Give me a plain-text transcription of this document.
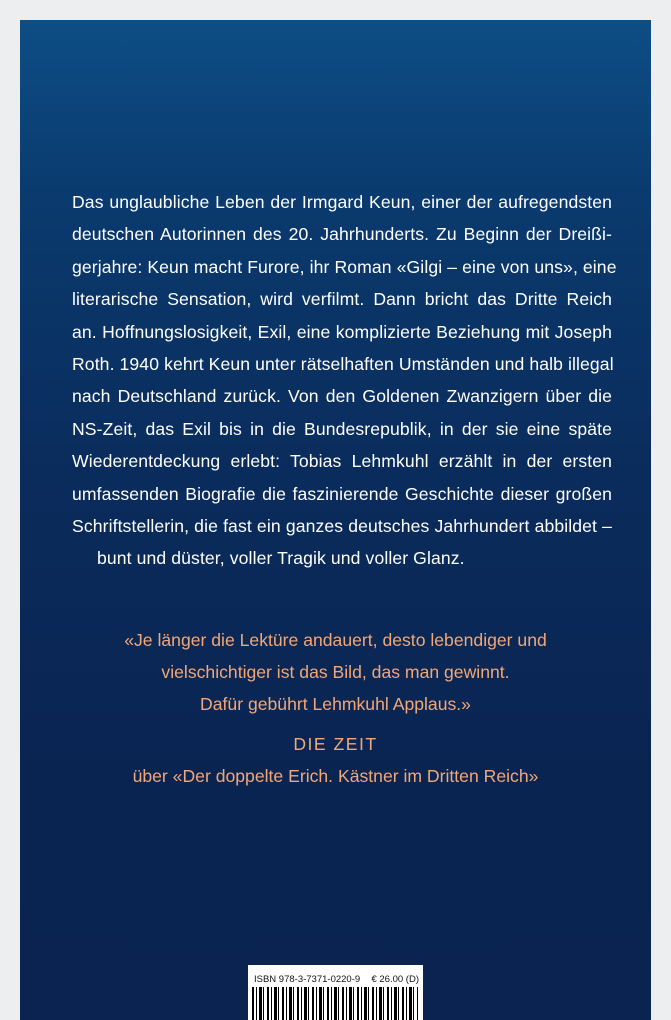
Das unglaubliche Leben der Irmgard Keun, einer der aufregendsten
deutschen Autorinnen des 20. Jahrhunderts. Zu Beginn der Dreißi-
gerjahre: Keun macht Furore, ihr Roman «Gilgi – eine von uns», eine
literarische Sensation, wird verfilmt. Dann bricht das Dritte Reich
an. Hoffnungslosigkeit, Exil, eine komplizierte Beziehung mit Joseph
Roth. 1940 kehrt Keun unter rätselhaften Umständen und halb illegal
nach Deutschland zurück. Von den Goldenen Zwanzigern über die
NS-Zeit, das Exil bis in die Bundesrepublik, in der sie eine späte
Wiederentdeckung erlebt: Tobias Lehmkuhl erzählt in der ersten
umfassenden Biografie die faszinierende Geschichte dieser großen
Schriftstellerin, die fast ein ganzes deutsches Jahrhundert abbildet –
bunt und düster, voller Tragik und voller Glanz.
«Je länger die Lektüre andauert, desto lebendiger und
vielschichtiger ist das Bild, das man gewinnt.
Dafür gebührt Lehmkuhl Applaus.»
DIE ZEIT
über «Der doppelte Erich. Kästner im Dritten Reich»
ISBN 978-3-7371-0220-9 € 26.00 (D)
